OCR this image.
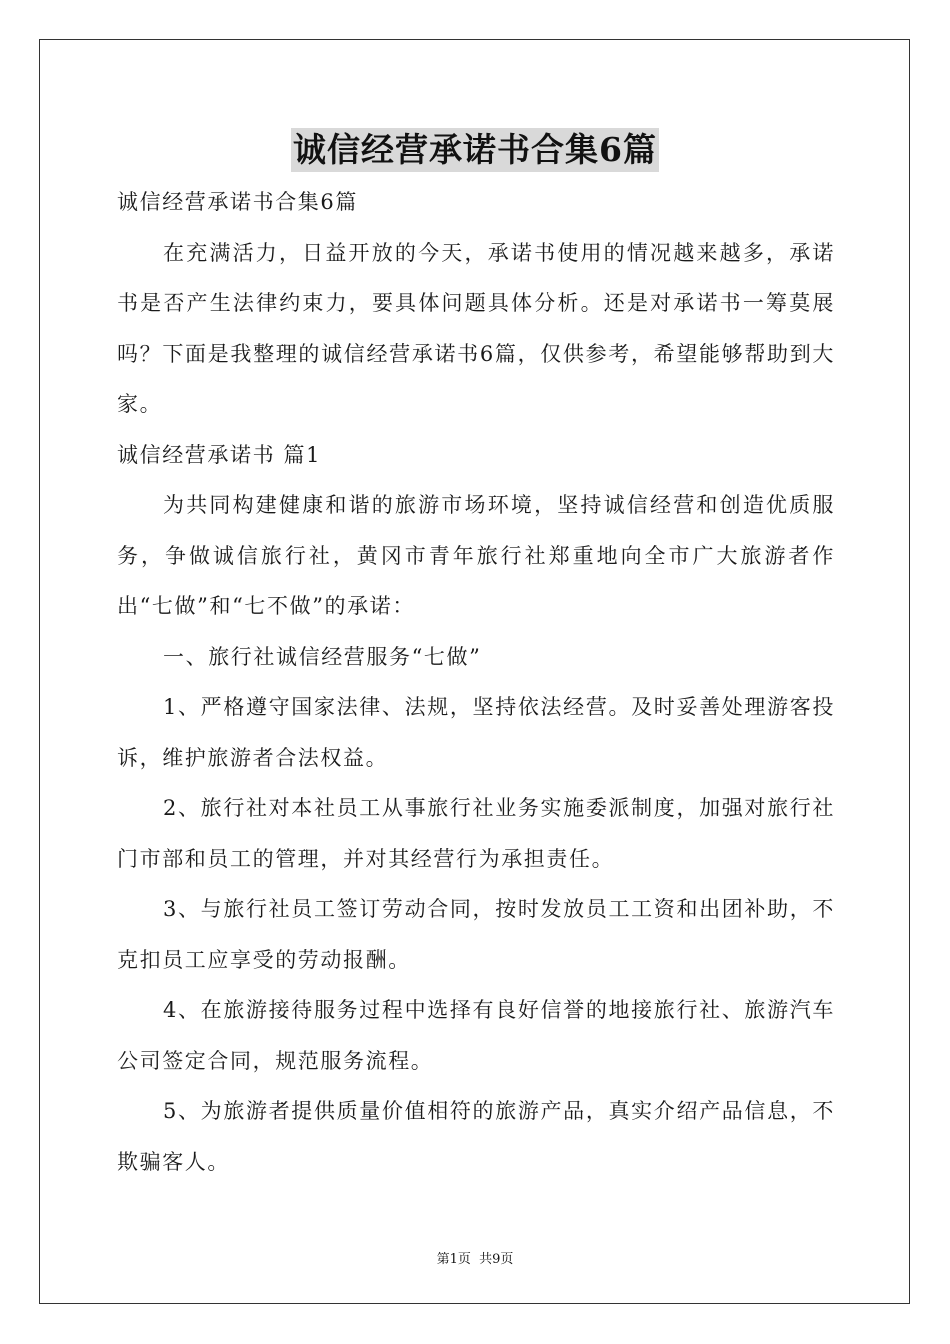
诚信经营承诺书合集6篇

诚信经营承诺书合集6篇

在充满活力，日益开放的今天，承诺书使用的情况越来越多，承诺书是否产生法律约束力，要具体问题具体分析。还是对承诺书一筹莫展吗？下面是我整理的诚信经营承诺书6篇，仅供参考，希望能够帮助到大家。

诚信经营承诺书 篇1

为共同构建健康和谐的旅游市场环境，坚持诚信经营和创造优质服务，争做诚信旅行社，黄冈市青年旅行社郑重地向全市广大旅游者作出“七做”和“七不做”的承诺：

一、旅行社诚信经营服务“七做”

1、严格遵守国家法律、法规，坚持依法经营。及时妥善处理游客投诉，维护旅游者合法权益。

2、旅行社对本社员工从事旅行社业务实施委派制度，加强对旅行社门市部和员工的管理，并对其经营行为承担责任。

3、与旅行社员工签订劳动合同，按时发放员工工资和出团补助，不克扣员工应享受的劳动报酬。

4、在旅游接待服务过程中选择有良好信誉的地接旅行社、旅游汽车公司签定合同，规范服务流程。

5、为旅游者提供质量价值相符的旅游产品，真实介绍产品信息，不欺骗客人。

第1页 共9页
